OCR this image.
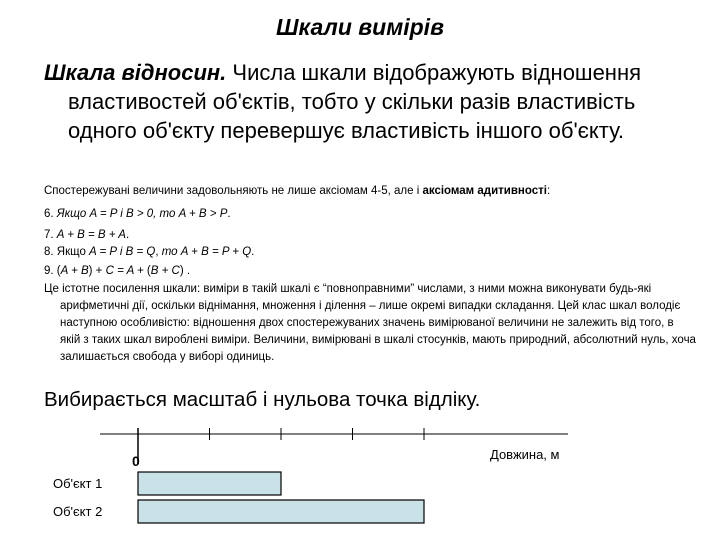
Шкали вимірів
Шкала відносин. Числа шкали відображують відношення властивостей об'єктів, тобто у скільки разів властивість одного об'єкту перевершує властивість іншого об'єкту.
Спостережувані величини задовольняють не лише аксіомам 4-5, але і аксіомам адитивності:
6. Якщо A = P і B > 0, то A + B > P.
7. A + B = B + A.
8. Якщо A = P і B = Q, то A + B = P + Q.
9. (A + B) + C = A + (B + C) .
Це істотне посилення шкали: виміри в такій шкалі є “повноправними” числами, з ними можна виконувати будь-які арифметичні дії, оскільки віднімання, множення і ділення – лише окремі випадки складання. Цей клас шкал володіє наступною особливістю: відношення двох спостережуваних значень вимірюваної величини не залежить від того, в якій з таких шкал вироблені виміри. Величини, вимірювані в шкалі стосунків, мають природний, абсолютний нуль, хоча залишається свобода у виборі одиниць.
Вибирається масштаб і нульова точка відліку.
0	Довжина, м
Об'єкт 1
Об'єкт 2
